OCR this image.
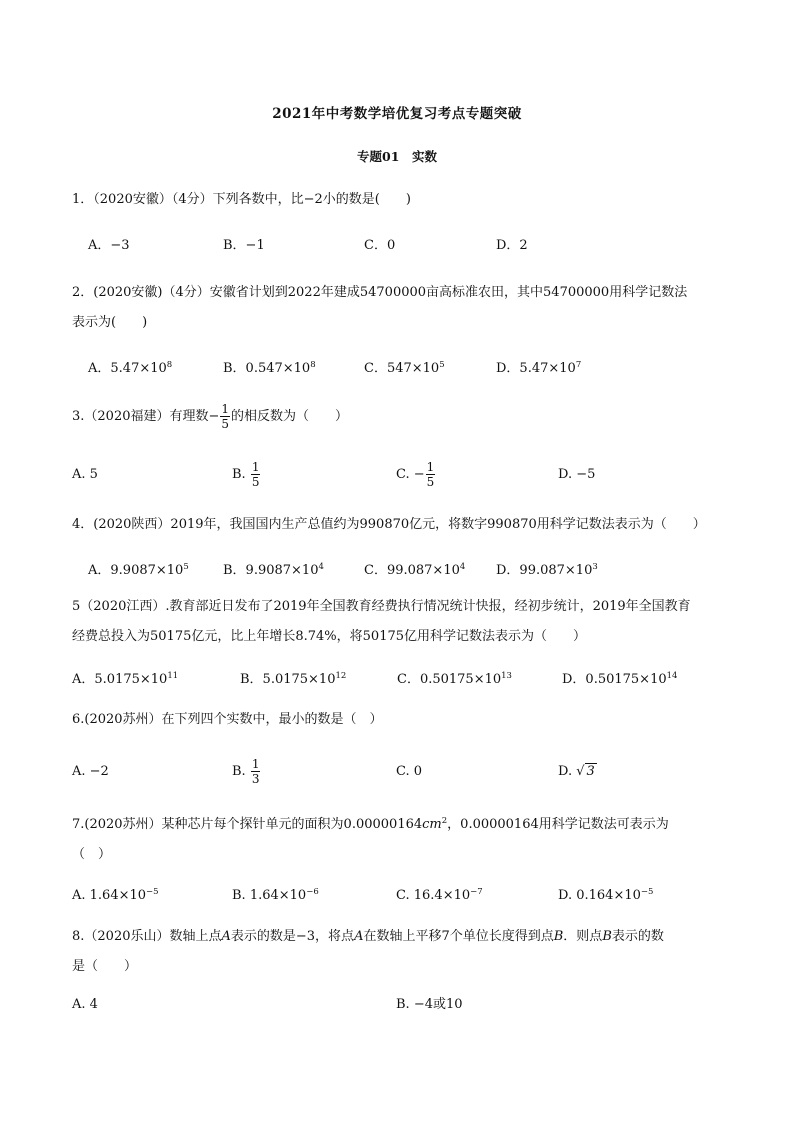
2021年中考数学培优复习考点专题突破
专题01　实数
1．（2020安徽）（4分）下列各数中，比−2小的数是(　　)
A．−3	B．−1	C．0	D．2
2．(2020安徽)（4分）安徽省计划到2022年建成54700000亩高标准农田，其中54700000用科学记数法
表示为(　　)
A．$5.47\times 10^8$	B．$0.547\times 10^8$	C．$547\times 10^5$	D．$5.47\times 10^7$
3.（2020福建）有理数− $\frac{1}{5}$ 的相反数为（　　）
A. 5	B. $\frac{1}{5}$	C. − $\frac{1}{5}$	D. −5
4．(2020陕西）2019年，我国国内生产总值约为990870亿元，将数字990870用科学记数法表示为（　　）
A．$9.9087\times 10^5$	B．$9.9087\times 10^4$	C．$99.087\times 10^4$ D．$99.087\times 10^3$
5（2020江西）.教育部近日发布了2019年全国教育经费执行情况统计快报，经初步统计，2019年全国教育
经费总投入为50175亿元，比上年增长8.74%，将50175亿用科学记数法表示为（　　）
A．$5.0175\times 10^{11}$	B．$5.0175\times 10^{12}$	C．$0.50175\times 10^{13}$	D．$0.50175\times 10^{14}$
6.(2020苏州）在下列四个实数中，最小的数是（　）
A. −2	B. $\frac{1}{3}$	C. 0	D. √ 3
7.(2020苏州）某种芯片每个探针单元的面积为$0.00000164cm^2$，0.00000164用科学记数法可表示为
（　）
A. $1.64\times 10^{-5}$	B. $1.64\times 10^{-6}$	C. $16.4\times 10^{-7}$	D. $0.164\times 10^{-5}$
8.（2020乐山）数轴上点A表示的数是−3，将点A在数轴上平移7个单位长度得到点B．则点B表示的数
是（　　）
A. 4	B. −4或10
